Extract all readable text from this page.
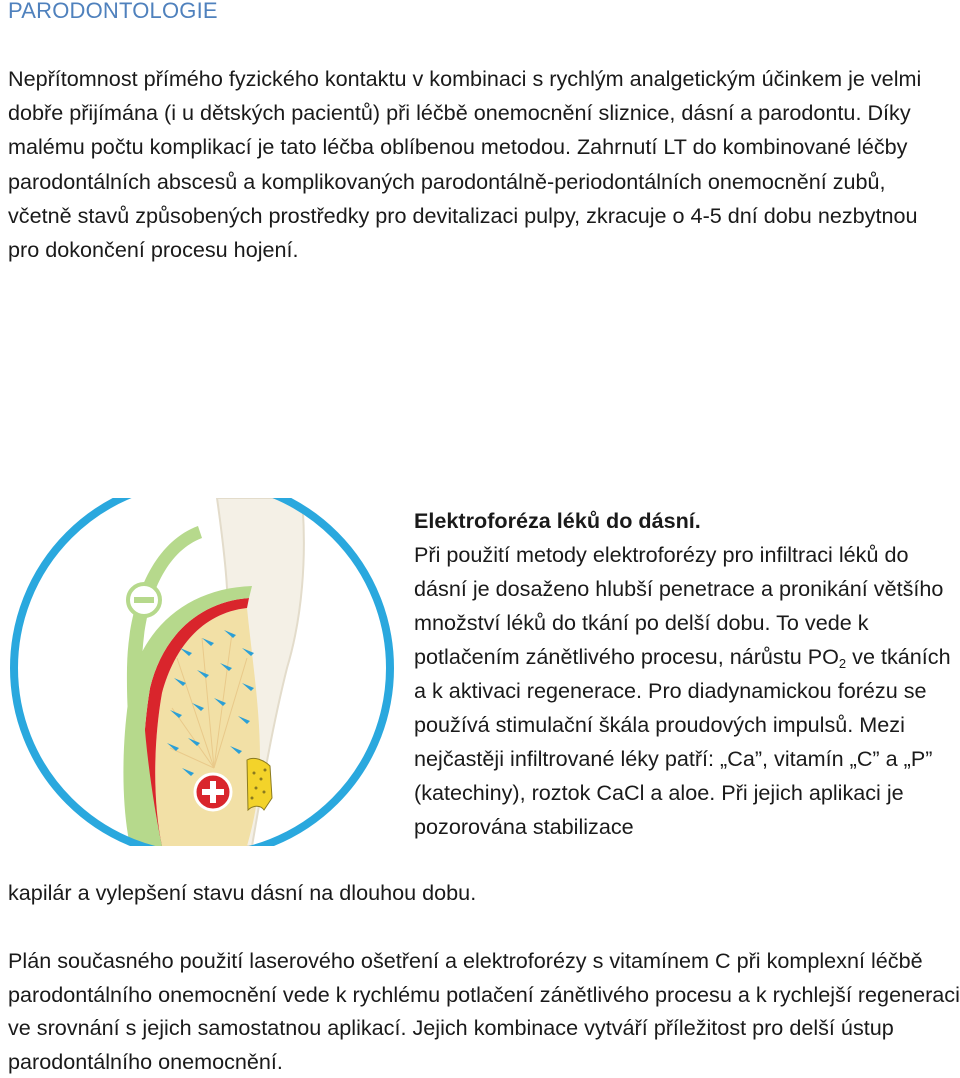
PARODONTOLOGIE

Nepřítomnost přímého fyzického kontaktu v kombinaci s rychlým analgetickým účinkem je velmi dobře přijímána (i u dětských pacientů) při léčbě onemocnění sliznice, dásní a parodontu. Díky malému počtu komplikací je tato léčba oblíbenou metodou. Zahrnutí LT do kombinované léčby parodontálních abscesů a komplikovaných parodontálně-periodontálních onemocnění zubů, včetně stavů způsobených prostředky pro devitalizaci pulpy, zkracuje o 4-5 dní dobu nezbytnou pro dokončení procesu hojení.

Elektroforéza léků do dásní.
Při použití metody elektroforézy pro infiltraci léků do dásní je dosaženo hlubší penetrace a pronikání většího množství léků do tkání po delší dobu. To vede k potlačením zánětlivého procesu, nárůstu $PO_2$ ve tkáních a k aktivaci regenerace. Pro diadynamickou forézu se používá stimulační škála proudových impulsů. Mezi nejčastěji infiltrované léky patří: „Ca”, vitamín „C” a „P” (katechiny), roztok CaCl a aloe. Při jejich aplikaci je pozorována stabilizace

kapilár a vylepšení stavu dásní na dlouhou dobu.

Plán současného použití laserového ošetření a elektroforézy s vitamínem C při komplexní léčbě parodontálního onemocnění vede k rychlému potlačení zánětlivého procesu a k rychlejší regeneraci ve srovnání s jejich samostatnou aplikací. Jejich kombinace vytváří příležitost pro delší ústup parodontálního onemocnění.
